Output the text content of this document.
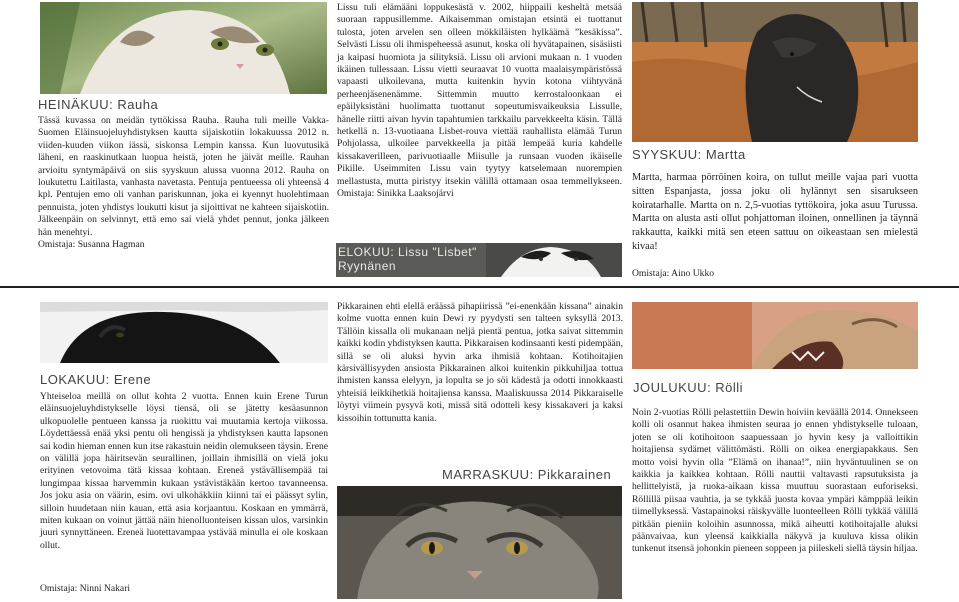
HEINÄKUU: Rauha

Tässä kuvassa on meidän tyttökissa Rauha. Rauha tuli meille Vakka-Suomen Eläinsuojeluyhdistyksen kautta sijaiskotiin lokakuussa 2012 n. viiden-kuuden viikon iässä, siskonsa Lempin kanssa. Kun luovutusikä läheni, en raaskinutkaan luopua heistä, joten he jäivät meille. Rauhan arvioitu syntymäpäivä on siis syyskuun alussa vuonna 2012. Rauha on loukutettu Laitilasta, vanhasta navetasta. Pentuja pentueessa oli yhteensä 4 kpl. Pentujen emo oli vanhan pariskunnan, joka ei kyennyt huolehtimaan pennuista, joten yhdistys loukutti kisut ja sijoittivat ne kahteen sijaiskotiin. Jälkeenpäin on selvinnyt, että emo sai vielä yhdet pennut, jonka jälkeen hän menehtyi.

Omistaja: Susanna Hagman

Lissu tuli elämääni loppukesästä v. 2002, hiippaili kesheltä metsää suoraan rappusillemme. Aikaisemman omistajan etsintä ei tuottanut tulosta, joten arvelen sen olleen mökkiläisten hylkäämä ”kesäkissa”. Selvästi Lissu oli ihmispeheessä asunut, koska oli hyvätapainen, sisäsiisti ja kaipasi huomiota ja silityksiä. Lissu oli arvioni mukaan n. 1 vuoden ikäinen tullessaan. Lissu vietti seuraavat 10 vuotta maalaisympäristössä vapaasti ulkoilevana, mutta kuitenkin hyvin kotona viihtyvänä perheenjäsenenämme. Sittemmin muutto kerrostaloonkaan ei epäilyksistäni huolimatta tuottanut sopeutumisvaikeuksia Lissulle, hänelle riitti aivan hyvin tapahtumien tarkkailu parvekkeelta käsin. Tällä hetkellä n. 13-vuotiaana Lisbet-rouva viettää rauhallista elämää Turun Pohjolassa, ulkoilee parvekkeella ja pitää lempeää kuria kahdelle kissakaverilleen, parivuotiaalle Miisulle ja runsaan vuoden ikäiselle Pikille. Useimmiten Lissu vain tyytyy katselemaan nuorempien mellastusta, mutta piristyy itsekin välillä ottamaan osaa temmellykseen. Omistaja: Sinikka Laaksojärvi

ELOKUU: Lissu "Lisbet" Ryynänen
SYYSKUU: Martta

Martta, harmaa pörröinen koira, on tullut meille vajaa pari vuotta sitten Espanjasta, jossa joku oli hylännyt sen sisarukseen koiratarhalle. Martta on n. 2,5-vuotias tyttökoira, joka asuu Turussa. Martta on alusta asti ollut pohjattoman iloinen, onnellinen ja täynnä rakkautta, kaikki mitä sen eteen sattuu on oikeastaan sen mielestä kivaa!

Omistaja: Aino Ukko
LOKAKUU: Erene

Yhteiseloa meillä on ollut kohta 2 vuotta. Ennen kuin Erene Turun eläinsuojeluyhdistykselle löysi tiensä, oli se jätetty kesäasunnon ulkopuolelle pentueen kanssa ja ruokittu vai muutamia kertoja viikossa. Löydettäessä enää yksi pentu oli hengissä ja yhdistyksen kautta lapsonen sai kodin hieman ennen kun itse rakastuin neidin olemukseen täysin. Erene on välillä jopa häiritsevän seurallinen, joillain ihmisillä on vielä joku erityinen vetovoima tätä kissaa kohtaan. Ereneä ystävällisempää tai lungimpaa kissaa harvemmin kukaan ystävistäkään kertoo tavanneensa. Jos joku asia on väärin, esim. ovi ulkohäkkiin kiinni tai ei päässyt sylin, silloin huudetaan niin kauan, että asia korjaantuu. Koskaan en ymmärrä, miten kukaan on voinut jättää näin hienolluonteisen kissan ulos, varsinkin juuri synnyttäneen. Ereneä luotettavampaa ystävää minulla ei ole koskaan ollut.

Omistaja: Ninni Nakari

Pikkarainen ehti elellä eräässä pihapiirissä ”ei-enenkään kissana” ainakin kolme vuotta ennen kuin Dewi ry pyydysti sen talteen syksyllä 2013. Tällöin kissalla oli mukanaan neljä pientä pentua, jotka saivat sittemmin kaikki kodin yhdistyksen kautta. Pikkaraisen kodinsaanti kesti pidempään, sillä se oli aluksi hyvin arka ihmisiä kohtaan. Kotihoitajien kärsivällisyyden ansiosta Pikkarainen alkoi kuitenkin pikkuhiljaa tottua ihmisten kanssa elelyyn, ja lopulta se jo söi kädestä ja odotti innokkaasti yhteisiä leikkihetkiä hoitajiensa kanssa. Maaliskuussa 2014 Pikkaraiselle löytyi viimein pysyvä koti, missä sitä odotteli kesy kissakaveri ja kaksi kissoihin tottunutta kania.

MARRASKUU: Pikkarainen
JOULUKUU: Rölli

Noin 2-vuotias Rölli pelastettiin Dewin hoiviin keväällä 2014. Onnekseen kolli oli osannut hakea ihmisten seuraa jo ennen yhdistykselle tuloaan, joten se oli kotihoitoon saapuessaan jo hyvin kesy ja valloittikin hoitajiensa sydämet välittömästi. Rölli on oikea energiapakkaus. Sen motto voisi hyvin olla ”Elämä on ihanaa!”, niin hyväntuulinen se on kaikkia ja kaikkea kohtaan. Rölli nauttii valtavasti rapsutuksista ja hellittelyistä, ja ruoka-aikaan kissa muuttuu suorastaan euforiseksi. Röllillä piisaa vauhtia, ja se tykkää juosta kovaa ympäri kämppää leikin tiimellyksessä. Vastapainoksi räiskyvälle luonteelleen Rölli tykkää välillä pitkään pieniin koloihin asunnossa, mikä aiheutti kotihoitajalle aluksi päänvaivaa, kun yleensä kaikkialla näkyvä ja kuuluva kissa olikin tunkenut itsensä johonkin pieneen soppeen ja piileskeli siellä täysin hiljaa.
